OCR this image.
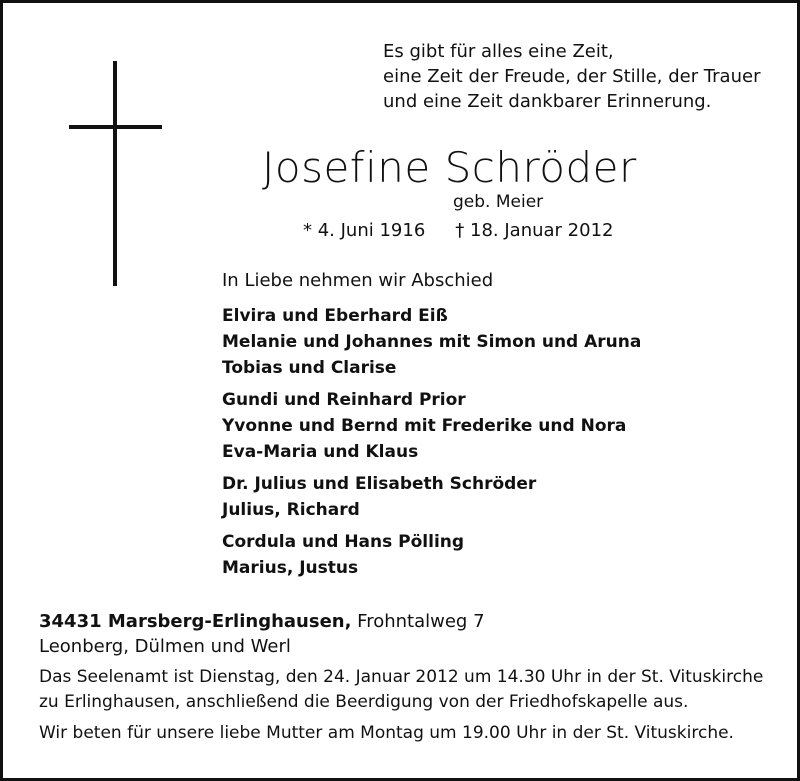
Es gibt für alles eine Zeit,
eine Zeit der Freude, der Stille, der Trauer
und eine Zeit dankbarer Erinnerung.
Josefine Schröder
geb. Meier
* 4. Juni 1916 † 18. Januar 2012
In Liebe nehmen wir Abschied
Elvira und Eberhard Eiß
Melanie und Johannes mit Simon und Aruna
Tobias und Clarise
Gundi und Reinhard Prior
Yvonne und Bernd mit Frederike und Nora
Eva-Maria und Klaus
Dr. Julius und Elisabeth Schröder
Julius, Richard
Cordula und Hans Pölling
Marius, Justus
34431 Marsberg-Erlinghausen, Frohntalweg 7
Leonberg, Dülmen und Werl

Das Seelenamt ist Dienstag, den 24. Januar 2012 um 14.30 Uhr in der St. Vituskirche zu Erlinghausen, anschließend die Beerdigung von der Friedhofskapelle aus.

Wir beten für unsere liebe Mutter am Montag um 19.00 Uhr in der St. Vituskirche.
